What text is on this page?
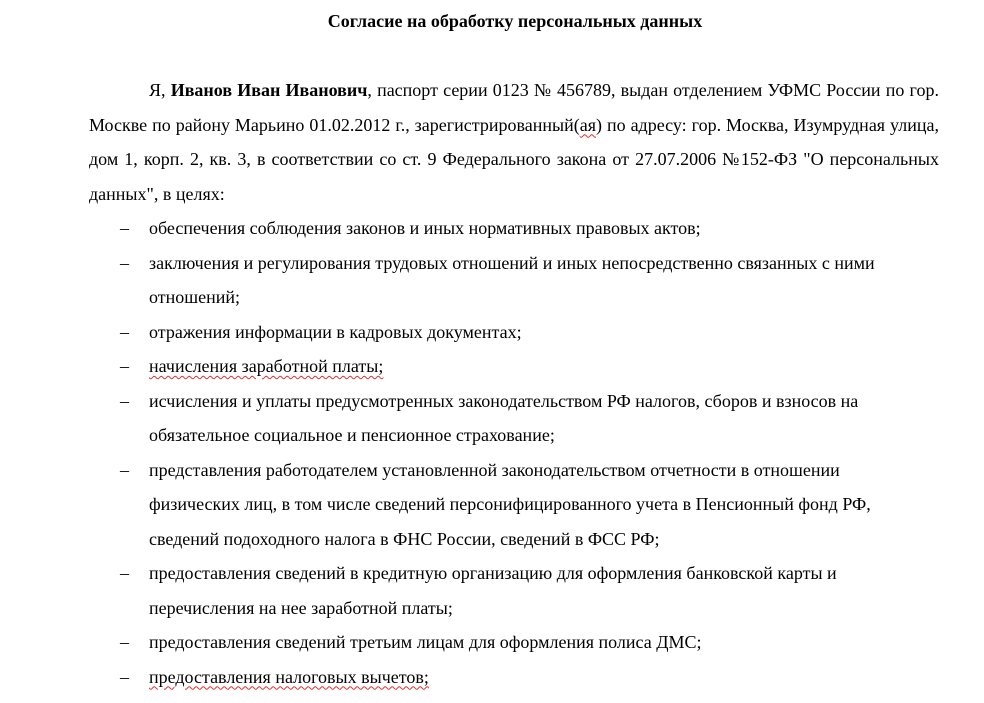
Согласие на обработку персональных данных

Я, Иванов Иван Иванович, паспорт серии 0123 № 456789, выдан отделением УФМС России по гор. Москве по району Марьино 01.02.2012 г., зарегистрированный(ая) по адресу: гор. Москва, Изумрудная улица, дом 1, корп. 2, кв. 3, в соответствии со ст. 9 Федерального закона от 27.07.2006 №152-ФЗ "О персональных данных", в целях:

– обеспечения соблюдения законов и иных нормативных правовых актов;
– заключения и регулирования трудовых отношений и иных непосредственно связанных с ними отношений;
– отражения информации в кадровых документах;
– начисления заработной платы;
– исчисления и уплаты предусмотренных законодательством РФ налогов, сборов и взносов на обязательное социальное и пенсионное страхование;
– представления работодателем установленной законодательством отчетности в отношении физических лиц, в том числе сведений персонифицированного учета в Пенсионный фонд РФ, сведений подоходного налога в ФНС России, сведений в ФСС РФ;
– предоставления сведений в кредитную организацию для оформления банковской карты и перечисления на нее заработной платы;
– предоставления сведений третьим лицам для оформления полиса ДМС;
– предоставления налоговых вычетов;
